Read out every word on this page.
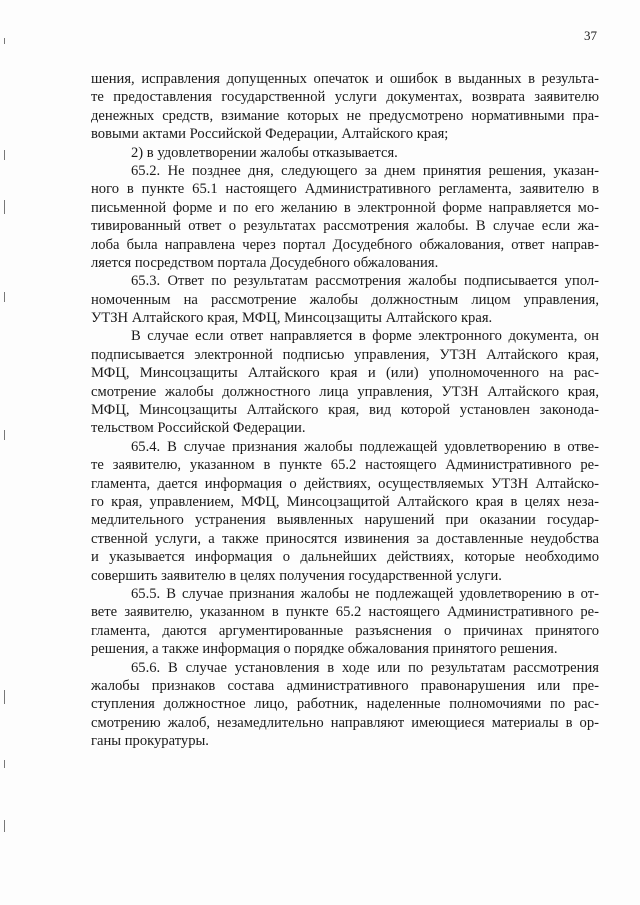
37
шения, исправления допущенных опечаток и ошибок в выданных в результа-
те предоставления государственной услуги документах, возврата заявителю
денежных средств, взимание которых не предусмотрено нормативными пра-
вовыми актами Российской Федерации, Алтайского края;
2) в удовлетворении жалобы отказывается.
65.2. Не позднее дня, следующего за днем принятия решения, указан-
ного в пункте 65.1 настоящего Административного регламента, заявителю в
письменной форме и по его желанию в электронной форме направляется мо-
тивированный ответ о результатах рассмотрения жалобы. В случае если жа-
лоба была направлена через портал Досудебного обжалования, ответ направ-
ляется посредством портала Досудебного обжалования.
65.3. Ответ по результатам рассмотрения жалобы подписывается упол-
номоченным на рассмотрение жалобы должностным лицом управления,
УТЗН Алтайского края, МФЦ, Минсоцзащиты Алтайского края.
В случае если ответ направляется в форме электронного документа, он
подписывается электронной подписью управления, УТЗН Алтайского края,
МФЦ, Минсоцзащиты Алтайского края и (или) уполномоченного на рас-
смотрение жалобы должностного лица управления, УТЗН Алтайского края,
МФЦ, Минсоцзащиты Алтайского края, вид которой установлен законода-
тельством Российской Федерации.
65.4. В случае признания жалобы подлежащей удовлетворению в отве-
те заявителю, указанном в пункте 65.2 настоящего Административного ре-
гламента, дается информация о действиях, осуществляемых УТЗН Алтайско-
го края, управлением, МФЦ, Минсоцзащитой Алтайского края в целях неза-
медлительного устранения выявленных нарушений при оказании государ-
ственной услуги, а также приносятся извинения за доставленные неудобства
и указывается информация о дальнейших действиях, которые необходимо
совершить заявителю в целях получения государственной услуги.
65.5. В случае признания жалобы не подлежащей удовлетворению в от-
вете заявителю, указанном в пункте 65.2 настоящего Административного ре-
гламента, даются аргументированные разъяснения о причинах принятого
решения, а также информация о порядке обжалования принятого решения.
65.6. В случае установления в ходе или по результатам рассмотрения
жалобы признаков состава административного правонарушения или пре-
ступления должностное лицо, работник, наделенные полномочиями по рас-
смотрению жалоб, незамедлительно направляют имеющиеся материалы в ор-
ганы прокуратуры.
